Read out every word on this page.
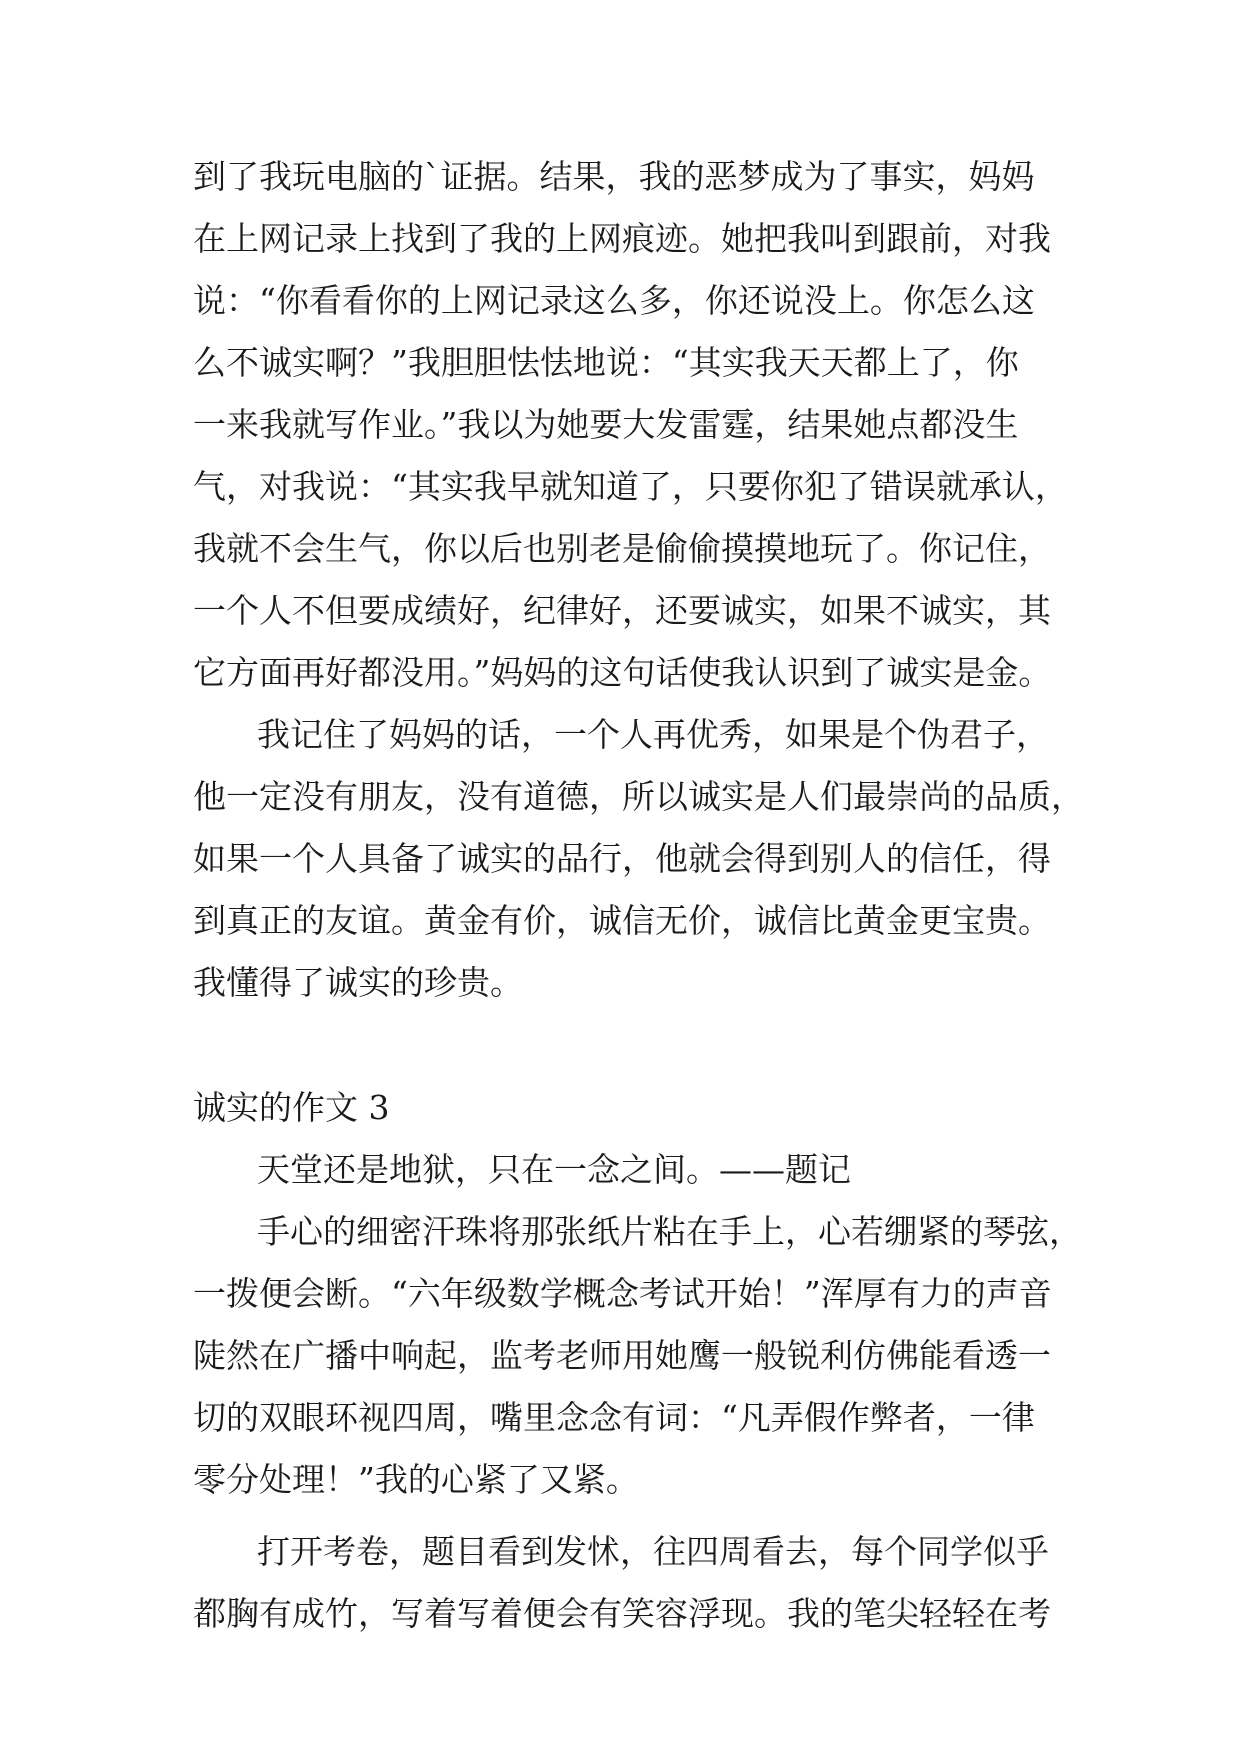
到了我玩电脑的`证据。结果，我的恶梦成为了事实，妈妈
在上网记录上找到了我的上网痕迹。她把我叫到跟前，对我
说：“你看看你的上网记录这么多，你还说没上。你怎么这
么不诚实啊？”我胆胆怯怯地说：“其实我天天都上了，你
一来我就写作业。”我以为她要大发雷霆，结果她点都没生
气，对我说：“其实我早就知道了，只要你犯了错误就承认，
我就不会生气，你以后也别老是偷偷摸摸地玩了。你记住，
一个人不但要成绩好，纪律好，还要诚实，如果不诚实，其
它方面再好都没用。”妈妈的这句话使我认识到了诚实是金。
我记住了妈妈的话，一个人再优秀，如果是个伪君子，
他一定没有朋友，没有道德，所以诚实是人们最崇尚的品质，
如果一个人具备了诚实的品行，他就会得到别人的信任，得
到真正的友谊。黄金有价，诚信无价，诚信比黄金更宝贵。
我懂得了诚实的珍贵。
诚实的作文 3
天堂还是地狱，只在一念之间。——题记
手心的细密汗珠将那张纸片粘在手上，心若绷紧的琴弦，
一拨便会断。“六年级数学概念考试开始！”浑厚有力的声音
陡然在广播中响起，监考老师用她鹰一般锐利仿佛能看透一
切的双眼环视四周，嘴里念念有词：“凡弄假作弊者，一律
零分处理！”我的心紧了又紧。
打开考卷，题目看到发怵，往四周看去，每个同学似乎
都胸有成竹，写着写着便会有笑容浮现。我的笔尖轻轻在考
